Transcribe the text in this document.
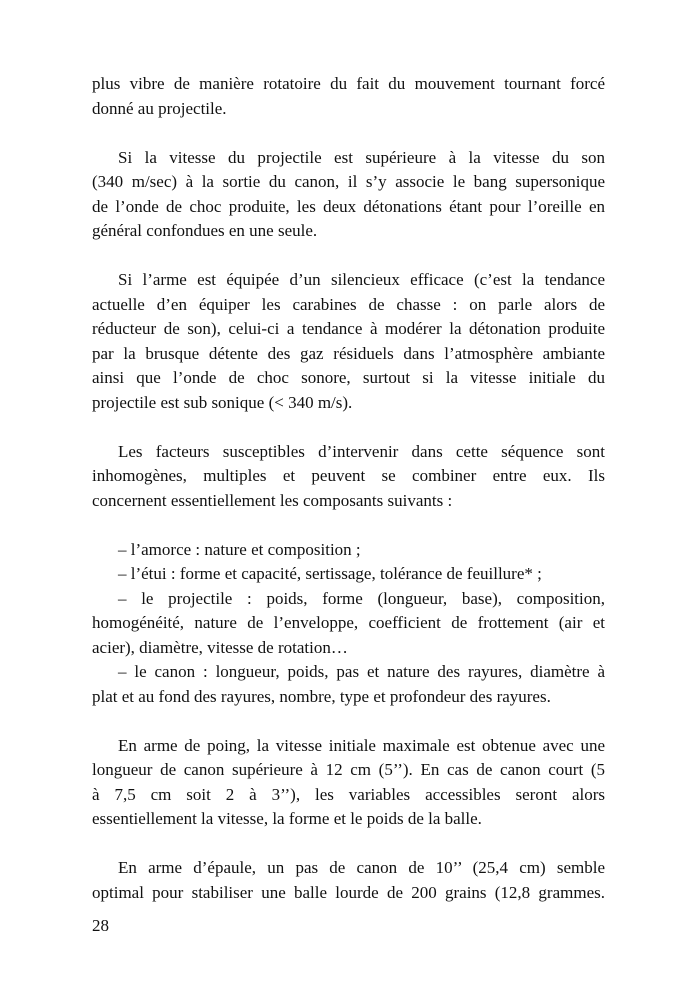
plus vibre de manière rotatoire du fait du mouvement tournant forcé
donné au projectile.

Si la vitesse du projectile est supérieure à la vitesse du son
(340 m/sec) à la sortie du canon, il s’y associe le bang supersonique
de l’onde de choc produite, les deux détonations étant pour l’oreille en
général confondues en une seule.

Si l’arme est équipée d’un silencieux efficace (c’est la tendance
actuelle d’en équiper les carabines de chasse : on parle alors de
réducteur de son), celui-ci a tendance à modérer la détonation produite
par la brusque détente des gaz résiduels dans l’atmosphère ambiante
ainsi que l’onde de choc sonore, surtout si la vitesse initiale du
projectile est sub sonique (< 340 m/s).

Les facteurs susceptibles d’intervenir dans cette séquence sont
inhomogènes, multiples et peuvent se combiner entre eux. Ils
concernent essentiellement les composants suivants :

– l’amorce : nature et composition ;
– l’étui : forme et capacité, sertissage, tolérance de feuillure* ;
– le projectile : poids, forme (longueur, base), composition,
homogénéité, nature de l’enveloppe, coefficient de frottement (air et
acier), diamètre, vitesse de rotation…
– le canon : longueur, poids, pas et nature des rayures, diamètre à
plat et au fond des rayures, nombre, type et profondeur des rayures.

En arme de poing, la vitesse initiale maximale est obtenue avec une
longueur de canon supérieure à 12 cm (5’’). En cas de canon court (5
à 7,5 cm soit 2 à 3’’), les variables accessibles seront alors
essentiellement la vitesse, la forme et le poids de la balle.

En arme d’épaule, un pas de canon de 10’’ (25,4 cm) semble
optimal pour stabiliser une balle lourde de 200 grains (12,8 grammes.

28
